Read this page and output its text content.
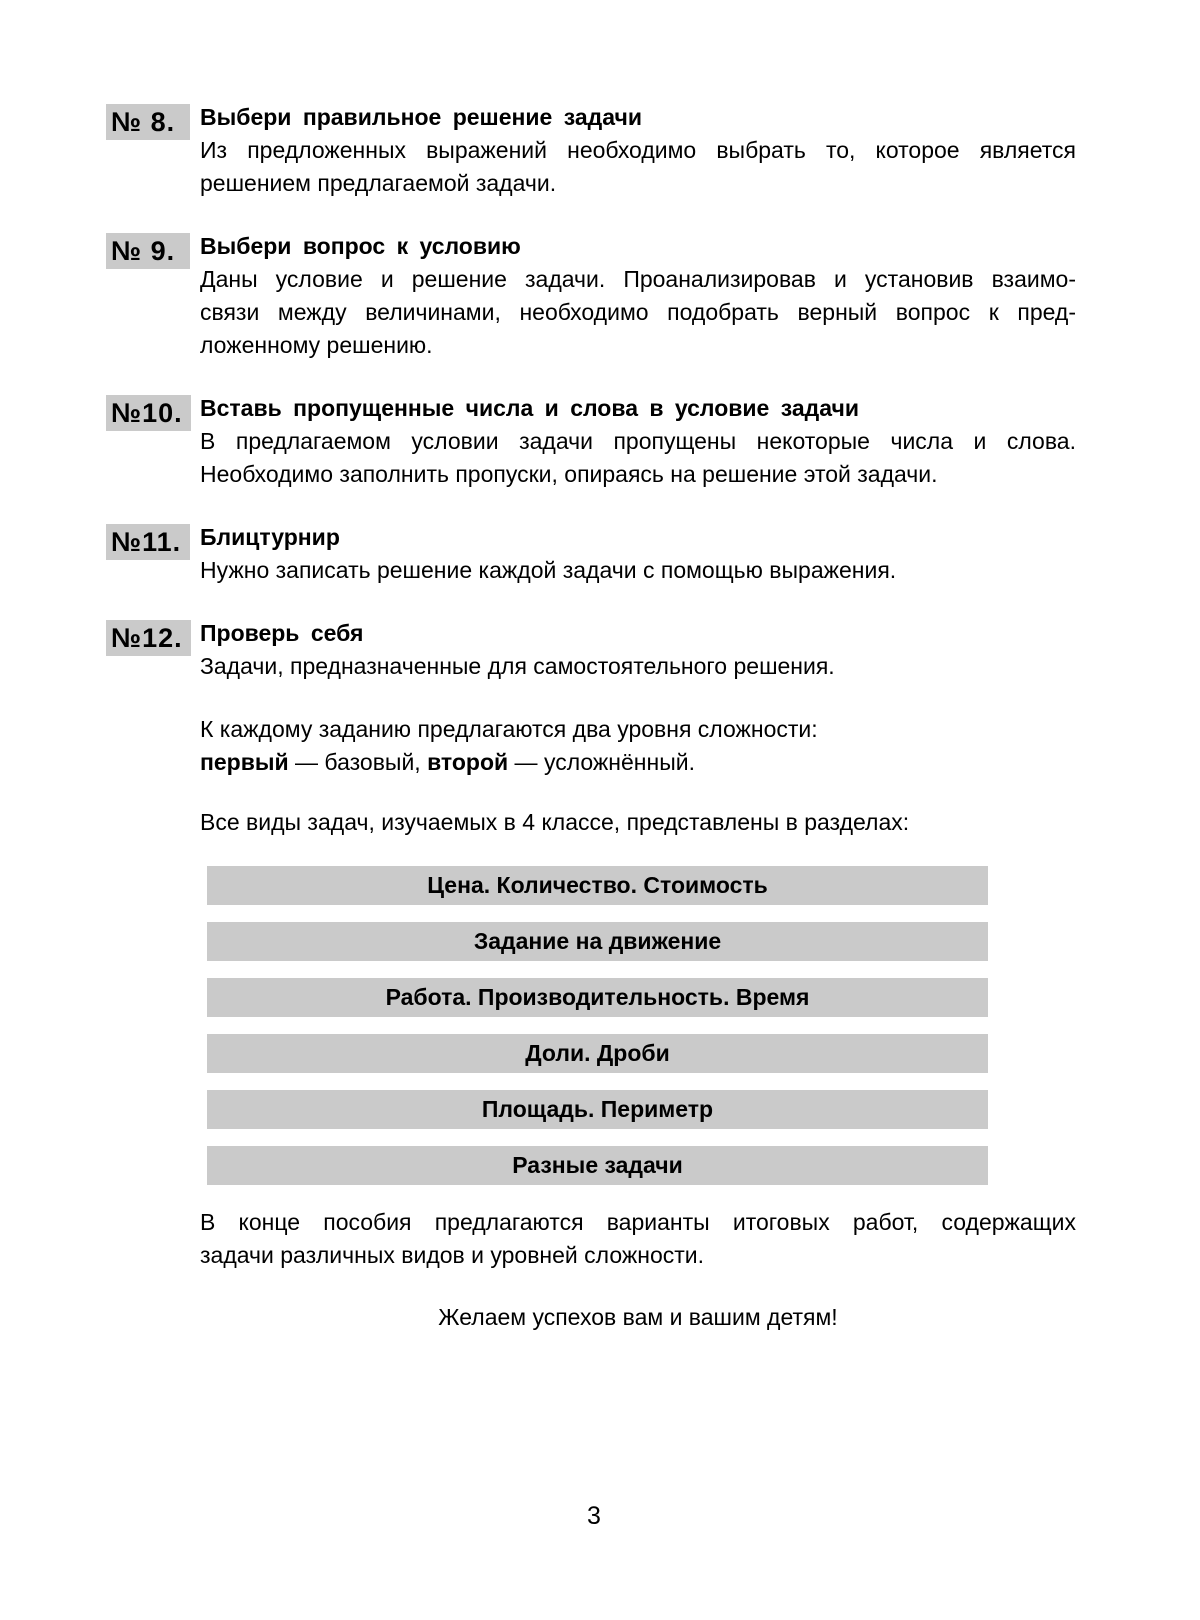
№ 8.	Выбери правильное решение задачи
Из предложенных выражений необходимо выбрать то, которое является
решением предлагаемой задачи.
№ 9.	Выбери вопрос к условию
Даны условие и решение задачи. Проанализировав и установив взаимо-
связи между величинами, необходимо подобрать верный вопрос к пред-
ложенному решению.
№10. Вставь пропущенные числа и слова в условие задачи
В предлагаемом условии задачи пропущены некоторые числа и слова.
Необходимо заполнить пропуски, опираясь на решение этой задачи.
№11. Блицтурнир
Нужно записать решение каждой задачи с помощью выражения.
№12. Проверь себя
Задачи, предназначенные для самостоятельного решения.
К каждому заданию предлагаются два уровня сложности:
первый — базовый, второй — усложнённый.
Все виды задач, изучаемых в 4 классе, представлены в разделах:
Цена. Количество. Стоимость
Задание на движение
Работа. Производительность. Время
Доли. Дроби
Площадь. Периметр
Разные задачи
В конце пособия предлагаются варианты итоговых работ, содержащих
задачи различных видов и уровней сложности.
Желаем успехов вам и вашим детям!
3
